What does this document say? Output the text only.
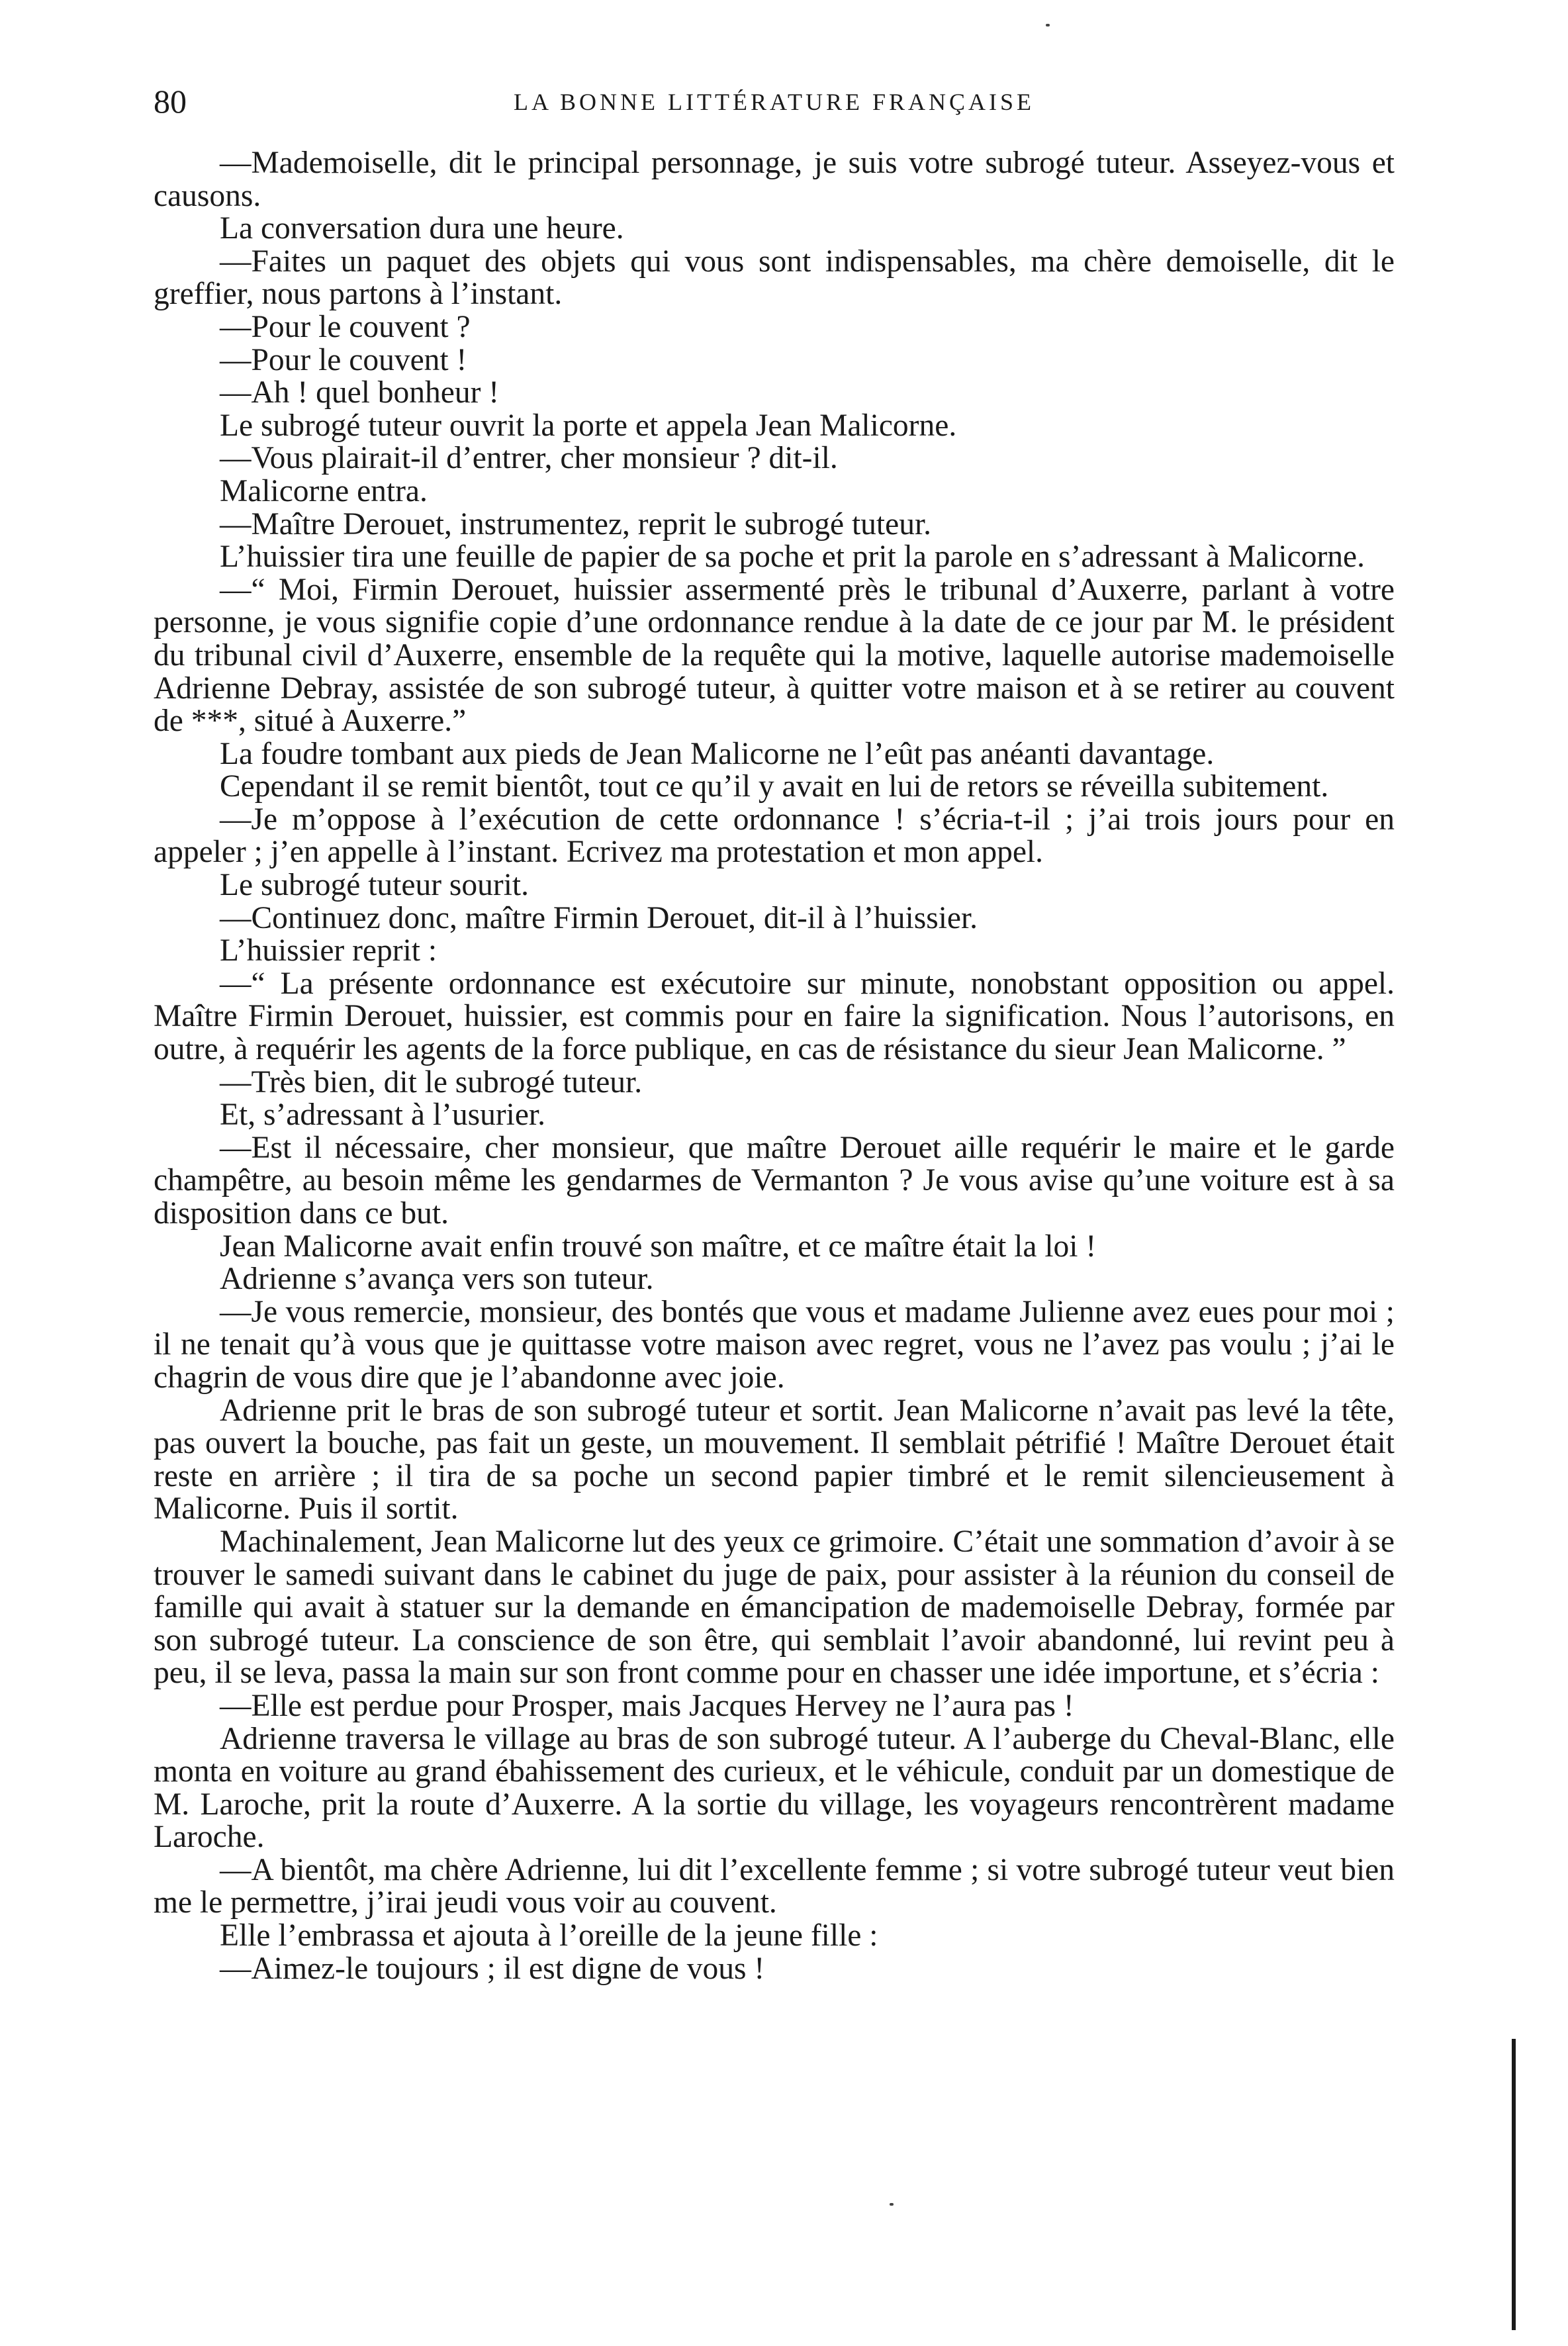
80	LA BONNE LITTÉRATURE FRANÇAISE

—Mademoiselle, dit le principal personnage, je suis votre subrogé tuteur. Asseyez-vous et causons.

La conversation dura une heure.

—Faites un paquet des objets qui vous sont indispensables, ma chère demoiselle, dit le greffier, nous partons à l’instant.

—Pour le couvent ?

—Pour le couvent !

—Ah ! quel bonheur !

Le subrogé tuteur ouvrit la porte et appela Jean Malicorne.

—Vous plairait-il d’entrer, cher monsieur ? dit-il.

Malicorne entra.

—Maître Derouet, instrumentez, reprit le subrogé tuteur.

L’huissier tira une feuille de papier de sa poche et prit la parole en s’adressant à Malicorne.

—“ Moi, Firmin Derouet, huissier assermenté près le tribunal d’Auxerre, parlant à votre personne, je vous signifie copie d’une ordonnance rendue à la date de ce jour par M. le président du tribunal civil d’Auxerre, ensemble de la requête qui la motive, laquelle autorise mademoiselle Adrienne Debray, assistée de son subrogé tuteur, à quitter votre maison et à se retirer au couvent de ***, situé à Auxerre.”

La foudre tombant aux pieds de Jean Malicorne ne l’eût pas anéanti davantage.

Cependant il se remit bientôt, tout ce qu’il y avait en lui de retors se réveilla subitement.

—Je m’oppose à l’exécution de cette ordonnance ! s’écria-t-il ; j’ai trois jours pour en appeler ; j’en appelle à l’instant. Ecrivez ma protestation et mon appel.

Le subrogé tuteur sourit.

—Continuez donc, maître Firmin Derouet, dit-il à l’huissier.

L’huissier reprit :

—“ La présente ordonnance est exécutoire sur minute, nonobstant opposition ou appel. Maître Firmin Derouet, huissier, est commis pour en faire la signification. Nous l’autorisons, en outre, à requérir les agents de la force publique, en cas de résistance du sieur Jean Malicorne. ”

—Très bien, dit le subrogé tuteur.

Et, s’adressant à l’usurier.

—Est il nécessaire, cher monsieur, que maître Derouet aille requérir le maire et le garde champêtre, au besoin même les gendarmes de Vermanton ? Je vous avise qu’une voiture est à sa disposition dans ce but.

Jean Malicorne avait enfin trouvé son maître, et ce maître était la loi !

Adrienne s’avança vers son tuteur.

—Je vous remercie, monsieur, des bontés que vous et madame Julienne avez eues pour moi ; il ne tenait qu’à vous que je quittasse votre maison avec regret, vous ne l’avez pas voulu ; j’ai le chagrin de vous dire que je l’abandonne avec joie.

Adrienne prit le bras de son subrogé tuteur et sortit. Jean Malicorne n’avait pas levé la tête, pas ouvert la bouche, pas fait un geste, un mouvement. Il semblait pétrifié ! Maître Derouet était reste en arrière ; il tira de sa poche un second papier timbré et le remit silencieusement à Malicorne. Puis il sortit.

Machinalement, Jean Malicorne lut des yeux ce grimoire. C’était une sommation d’avoir à se trouver le samedi suivant dans le cabinet du juge de paix, pour assister à la réunion du conseil de famille qui avait à statuer sur la demande en émancipation de mademoiselle Debray, formée par son subrogé tuteur. La conscience de son être, qui semblait l’avoir abandonné, lui revint peu à peu, il se leva, passa la main sur son front comme pour en chasser une idée importune, et s’écria :

—Elle est perdue pour Prosper, mais Jacques Hervey ne l’aura pas !

Adrienne traversa le village au bras de son subrogé tuteur. A l’auberge du Cheval-Blanc, elle monta en voiture au grand ébahissement des curieux, et le véhicule, conduit par un domestique de M. Laroche, prit la route d’Auxerre. A la sortie du village, les voyageurs rencontrèrent madame Laroche.

—A bientôt, ma chère Adrienne, lui dit l’excellente femme ; si votre subrogé tuteur veut bien me le permettre, j’irai jeudi vous voir au couvent.

Elle l’embrassa et ajouta à l’oreille de la jeune fille :

—Aimez-le toujours ; il est digne de vous !
